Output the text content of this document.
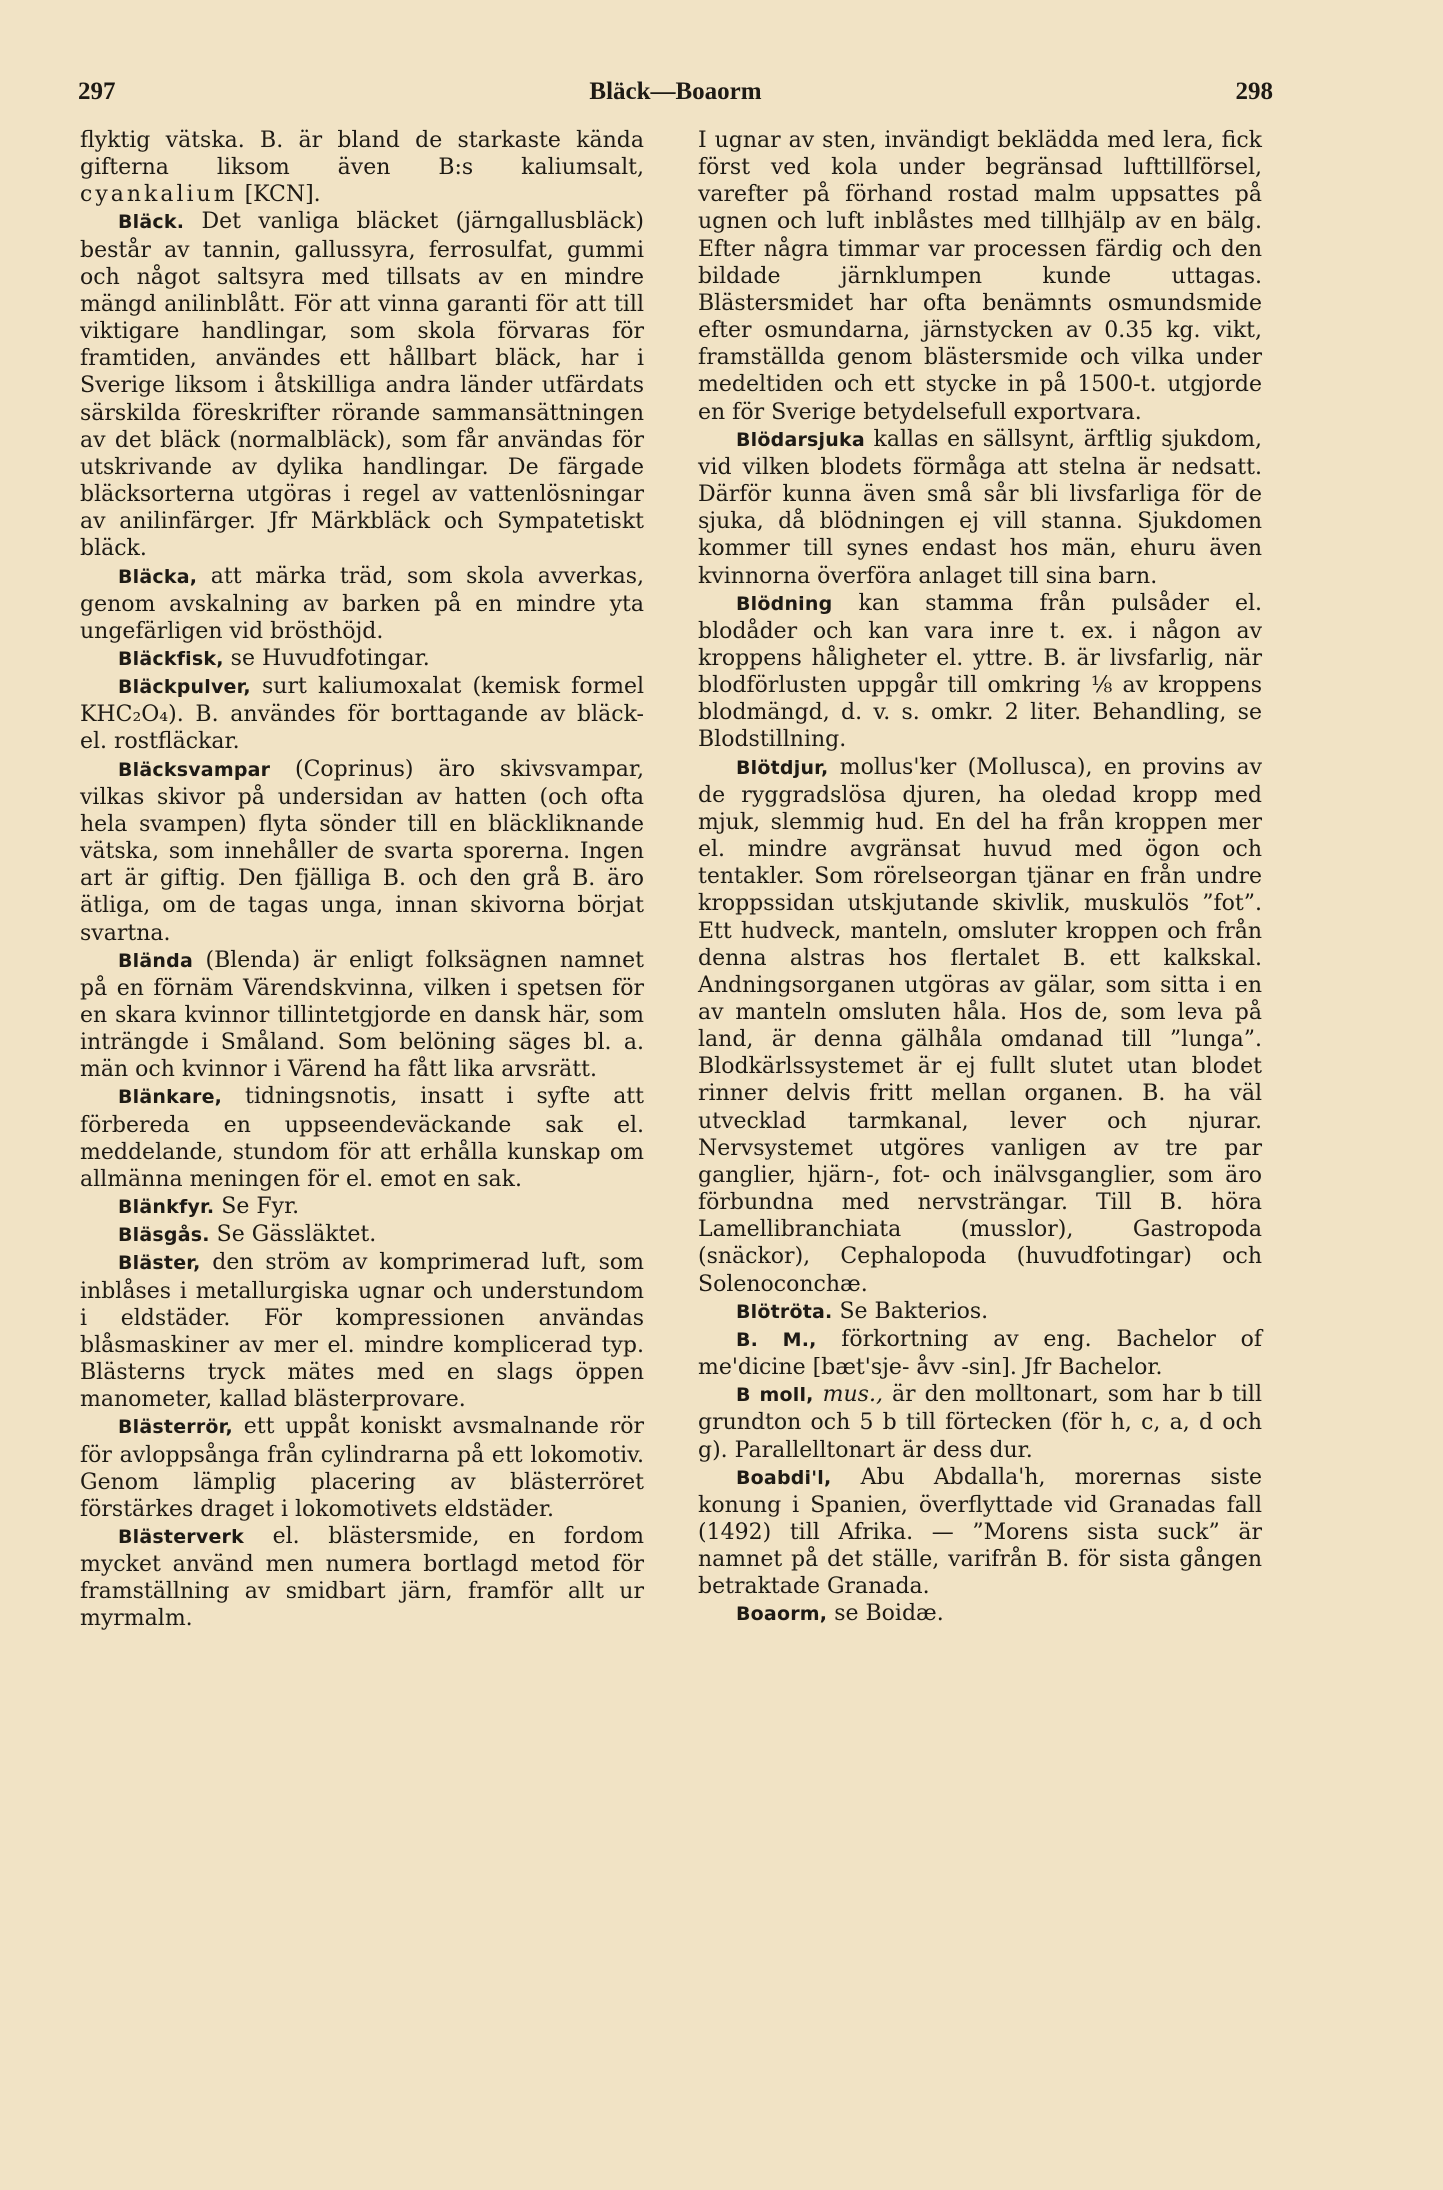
297	Bläck—Boaorm	298

flyktig vätska. B. är bland de starkaste kända gifterna liksom även B:s kaliumsalt, cyankalium [KCN].

Bläck. Det vanliga bläcket (järngallusbläck) består av tannin, gallussyra, ferrosulfat, gummi och något saltsyra med tillsats av en mindre mängd anilinblått. För att vinna garanti för att till viktigare handlingar, som skola förvaras för framtiden, användes ett hållbart bläck, har i Sverige liksom i åtskilliga andra länder utfärdats särskilda föreskrifter rörande sammansättningen av det bläck (normalbläck), som får användas för utskrivande av dylika handlingar. De färgade bläcksorterna utgöras i regel av vattenlösningar av anilinfärger. Jfr Märkbläck och Sympatetiskt bläck.

Bläcka, att märka träd, som skola avverkas, genom avskalning av barken på en mindre yta ungefärligen vid brösthöjd.

Bläckfisk, se Huvudfotingar.

Bläckpulver, surt kaliumoxalat (kemisk formel KHC₂O₄). B. användes för borttagande av bläck- el. rostfläckar.

Bläcksvampar (Coprinus) äro skivsvampar, vilkas skivor på undersidan av hatten (och ofta hela svampen) flyta sönder till en bläckliknande vätska, som innehåller de svarta sporerna. Ingen art är giftig. Den fjälliga B. och den grå B. äro ätliga, om de tagas unga, innan skivorna börjat svartna.

Blända (Blenda) är enligt folksägnen namnet på en förnäm Värendskvinna, vilken i spetsen för en skara kvinnor tillintetgjorde en dansk här, som inträngde i Småland. Som belöning säges bl. a. män och kvinnor i Värend ha fått lika arvsrätt.

Blänkare, tidningsnotis, insatt i syfte att förbereda en uppseendeväckande sak el. meddelande, stundom för att erhålla kunskap om allmänna meningen för el. emot en sak.

Blänkfyr. Se Fyr.

Bläsgås. Se Gässläktet.

Bläster, den ström av komprimerad luft, som inblåses i metallurgiska ugnar och understundom i eldstäder. För kompressionen användas blåsmaskiner av mer el. mindre komplicerad typ. Blästerns tryck mätes med en slags öppen manometer, kallad blästerprovare.

Blästerrör, ett uppåt koniskt avsmalnande rör för avloppsånga från cylindrarna på ett lokomotiv. Genom lämplig placering av blästerröret förstärkes draget i lokomotivets eldstäder.

Blästerverk el. blästersmide, en fordom mycket använd men numera bortlagd metod för framställning av smidbart järn, framför allt ur myrmalm.

I ugnar av sten, invändigt beklädda med lera, fick först ved kola under begränsad lufttillförsel, varefter på förhand rostad malm uppsattes på ugnen och luft inblåstes med tillhjälp av en bälg. Efter några timmar var processen färdig och den bildade järnklumpen kunde uttagas. Blästersmidet har ofta benämnts osmundsmide efter osmundarna, järnstycken av 0.35 kg. vikt, framställda genom blästersmide och vilka under medeltiden och ett stycke in på 1500-t. utgjorde en för Sverige betydelsefull exportvara.

Blödarsjuka kallas en sällsynt, ärftlig sjukdom, vid vilken blodets förmåga att stelna är nedsatt. Därför kunna även små sår bli livsfarliga för de sjuka, då blödningen ej vill stanna. Sjukdomen kommer till synes endast hos män, ehuru även kvinnorna överföra anlaget till sina barn.

Blödning kan stamma från pulsåder el. blodåder och kan vara inre t. ex. i någon av kroppens håligheter el. yttre. B. är livsfarlig, när blodförlusten uppgår till omkring ⅛ av kroppens blodmängd, d. v. s. omkr. 2 liter. Behandling, se Blodstillning.

Blötdjur, mollus'ker (Mollusca), en provins av de ryggradslösa djuren, ha oledad kropp med mjuk, slemmig hud. En del ha från kroppen mer el. mindre avgränsat huvud med ögon och tentakler. Som rörelseorgan tjänar en från undre kroppssidan utskjutande skivlik, muskulös ”fot”. Ett hudveck, manteln, omsluter kroppen och från denna alstras hos flertalet B. ett kalkskal. Andningsorganen utgöras av gälar, som sitta i en av manteln omsluten håla. Hos de, som leva på land, är denna gälhåla omdanad till ”lunga”. Blodkärlssystemet är ej fullt slutet utan blodet rinner delvis fritt mellan organen. B. ha väl utvecklad tarmkanal, lever och njurar. Nervsystemet utgöres vanligen av tre par ganglier, hjärn-, fot- och inälvsganglier, som äro förbundna med nervsträngar. Till B. höra Lamellibranchiata (musslor), Gastropoda (snäckor), Cephalopoda (huvudfotingar) och Solenoconchæ.

Blötröta. Se Bakterios.

B. M., förkortning av eng. Bachelor of me'dicine [bæt'sje- åvv -sin]. Jfr Bachelor.

B moll, mus., är den molltonart, som har b till grundton och 5 b till förtecken (för h, c, a, d och g). Parallelltonart är dess dur.

Boabdi'l, Abu Abdalla'h, morernas siste konung i Spanien, överflyttade vid Granadas fall (1492) till Afrika. — ”Morens sista suck” är namnet på det ställe, varifrån B. för sista gången betraktade Granada.

Boaorm, se Boidæ.
